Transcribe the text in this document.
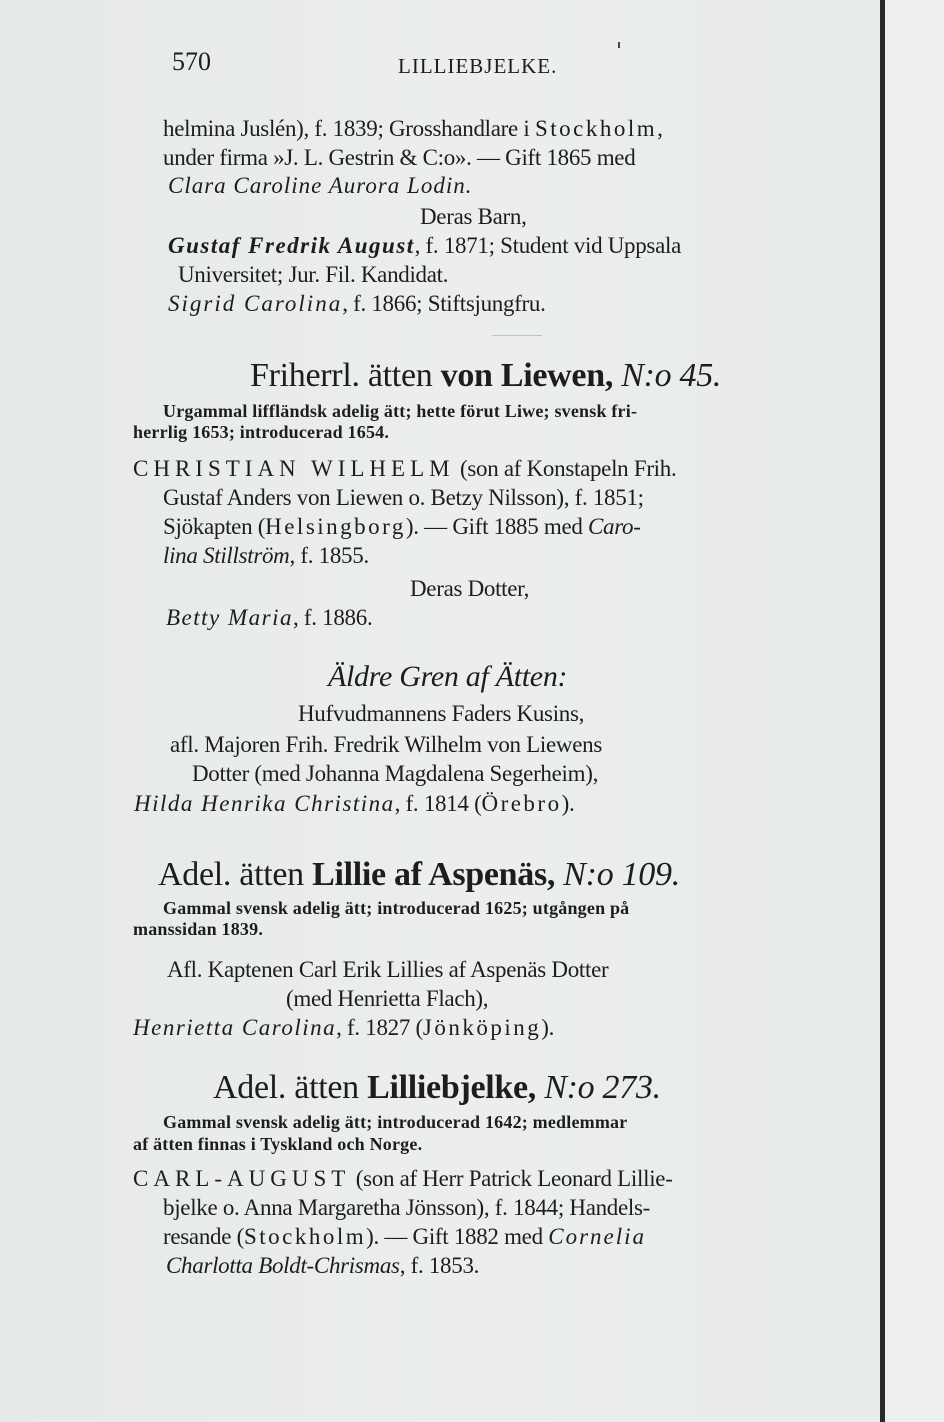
570	LILLIEBJELKE.
helmina Juslén), f. 1839; Grosshandlare i Stockholm,
under firma »J. L. Gestrin & C:o». — Gift 1865 med
Clara Caroline Aurora Lodin.
Deras Barn,
Gustaf Fredrik August, f. 1871; Student vid Uppsala
Universitet; Jur. Fil. Kandidat.
Sigrid Carolina, f. 1866; Stiftsjungfru.
Friherrl. ätten von Liewen, N:o 45.
Urgammal liffländsk adelig ätt; hette förut Liwe; svensk fri-
herrlig 1653; introducerad 1654.
CHRISTIAN WILHELM (son af Konstapeln Frih.
Gustaf Anders von Liewen o. Betzy Nilsson), f. 1851;
Sjökapten (Helsingborg). — Gift 1885 med Caro-
lina Stillström, f. 1855.
Deras Dotter,
Betty Maria, f. 1886.
Äldre Gren af Ätten:
Hufvudmannens Faders Kusins,
afl. Majoren Frih. Fredrik Wilhelm von Liewens
Dotter (med Johanna Magdalena Segerheim),
Hilda Henrika Christina, f. 1814 (Örebro).
Adel. ätten Lillie af Aspenäs, N:o 109.
Gammal svensk adelig ätt; introducerad 1625; utgången på
manssidan 1839.
Afl. Kaptenen Carl Erik Lillies af Aspenäs Dotter
(med Henrietta Flach),
Henrietta Carolina, f. 1827 (Jönköping).
Adel. ätten Lilliebjelke, N:o 273.
Gammal svensk adelig ätt; introducerad 1642; medlemmar
af ätten finnas i Tyskland och Norge.
CARL-AUGUST (son af Herr Patrick Leonard Lillie-
bjelke o. Anna Margaretha Jönsson), f. 1844; Handels-
resande (Stockholm). — Gift 1882 med Cornelia
Charlotta Boldt-Chrismas, f. 1853.
